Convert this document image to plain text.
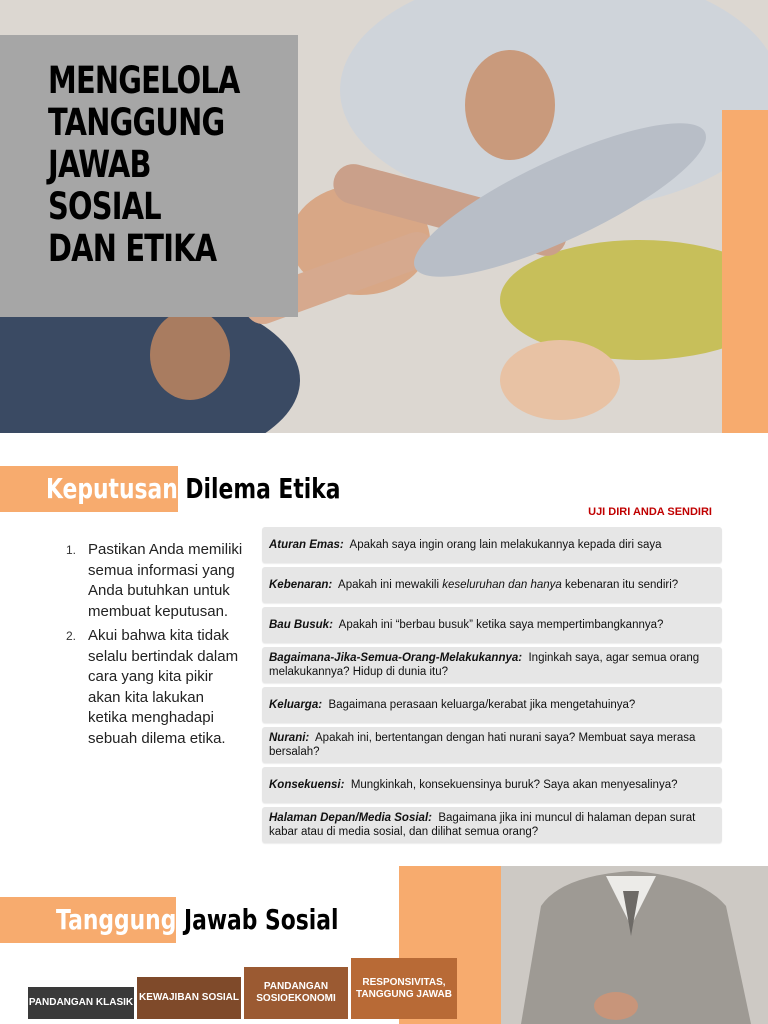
MENGELOLA
TANGGUNG
JAWAB SOSIAL
DAN ETIKA
Keputusan Dilema Etika
UJI DIRI ANDA SENDIRI
1. Pastikan Anda memiliki semua informasi yang Anda butuhkan untuk membuat keputusan.
2. Akui bahwa kita tidak selalu bertindak dalam cara yang kita pikir akan kita lakukan ketika menghadapi sebuah dilema etika.
Aturan Emas: Apakah saya ingin orang lain melakukannya kepada diri saya
Kebenaran: Apakah ini mewakili keseluruhan dan hanya kebenaran itu sendiri?
Bau Busuk: Apakah ini “berbau busuk” ketika saya mempertimbangkannya?
Bagaimana-Jika-Semua-Orang-Melakukannya: Inginkah saya, agar semua orang melakukannya? Hidup di dunia itu?
Keluarga: Bagaimana perasaan keluarga/kerabat jika mengetahuinya?
Nurani: Apakah ini, bertentangan dengan hati nurani saya? Membuat saya merasa bersalah?
Konsekuensi: Mungkinkah, konsekuensinya buruk? Saya akan menyesalinya?
Halaman Depan/Media Sosial: Bagaimana jika ini muncul di halaman depan surat kabar atau di media sosial, dan dilihat semua orang?
Tanggung Jawab Sosial
PANDANGAN KLASIK KEWAJIBAN SOSIAL
PANDANGAN SOSIOEKONOMI
RESPONSIVITAS, TANGGUNG JAWAB
